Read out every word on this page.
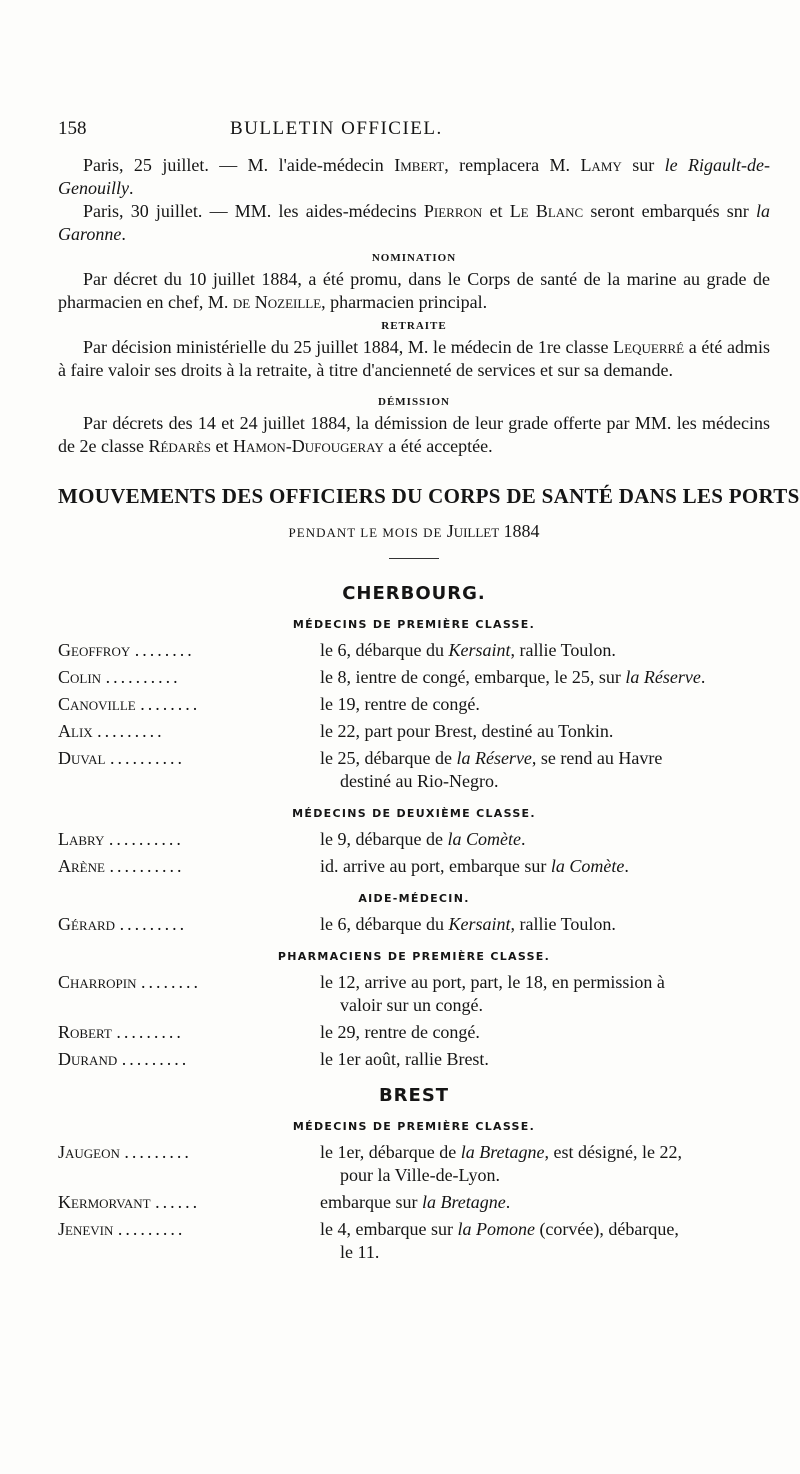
158	BULLETIN OFFICIEL.

Paris, 25 juillet. — M. l'aide-médecin Imbert, remplacera M. Lamy sur le Rigault-de-Genouilly.

Paris, 30 juillet. — MM. les aides-médecins Pierron et Le Blanc seront embarqués snr la Garonne.

NOMINATION

Par décret du 10 juillet 1884, a été promu, dans le Corps de santé de la marine au grade de pharmacien en chef, M. de Nozeille, pharmacien principal.

RETRAITE

Par décision ministérielle du 25 juillet 1884, M. le médecin de 1re classe Lequerré a été admis à faire valoir ses droits à la retraite, à titre d'ancienneté de services et sur sa demande.

DÉMISSION

Par décrets des 14 et 24 juillet 1884, la démission de leur grade offerte par MM. les médecins de 2e classe Rédarès et Hamon-Dufougeray a été acceptée.

MOUVEMENTS DES OFFICIERS DU CORPS DE SANTÉ DANS LES PORTS
PENDANT LE MOIS DE Juillet 1884
CHERBOURG.
MÉDECINS DE PREMIÈRE CLASSE.
Geoffroy ........	le 6, débarque du Kersaint, rallie Toulon.
Colin ..........	le 8, ientre de congé, embarque, le 25, sur la Réserve.
Canoville ........	le 19, rentre de congé.
Alix .........	le 22, part pour Brest, destiné au Tonkin.
Duval ..........	le 25, débarque de la Réserve, se rend au Havre
destiné au Rio-Negro.
MÉDECINS DE DEUXIÈME CLASSE.
Labry ..........	le 9, débarque de la Comète.
Arène ..........	id. arrive au port, embarque sur la Comète.
AIDE-MÉDECIN.
Gérard .........	le 6, débarque du Kersaint, rallie Toulon.
PHARMACIENS DE PREMIÈRE CLASSE.
Charropin ........	le 12, arrive au port, part, le 18, en permission à
valoir sur un congé.
Robert .........	le 29, rentre de congé.
Durand .........	le 1er août, rallie Brest.
BREST
MÉDECINS DE PREMIÈRE CLASSE.
Jaugeon .........	le 1er, débarque de la Bretagne, est désigné, le 22,
pour la Ville-de-Lyon.
Kermorvant ......	embarque sur la Bretagne.
Jenevin .........	le 4, embarque sur la Pomone (corvée), débarque,
le 11.
